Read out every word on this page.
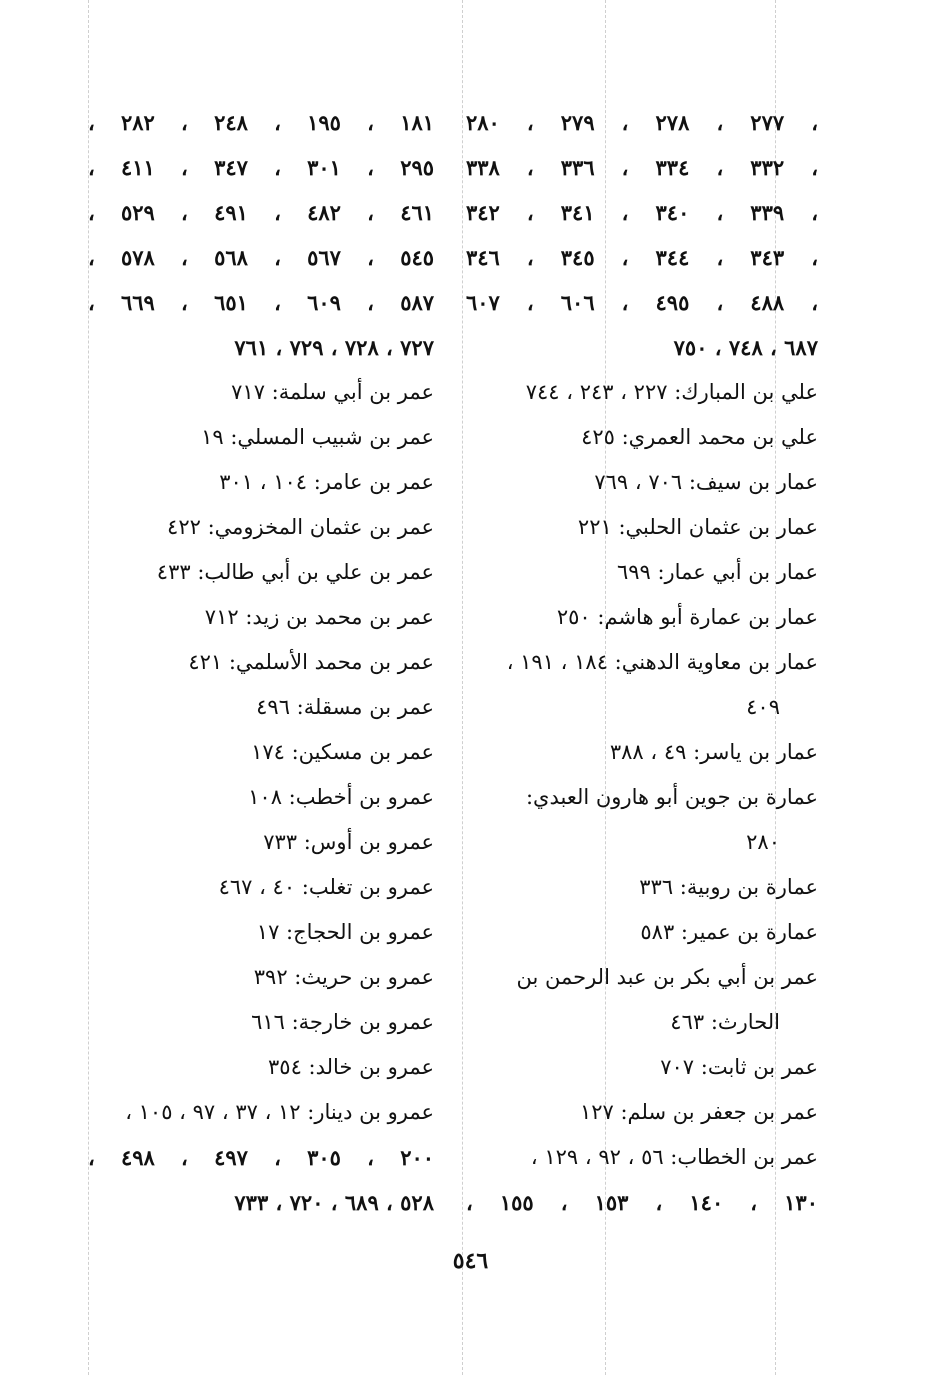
، ٢٧٧ ، ٢٧٨ ، ٢٧٩ ، ٢٨٠
، ٣٣٢ ، ٣٣٤ ، ٣٣٦ ، ٣٣٨
، ٣٣٩ ، ٣٤٠ ، ٣٤١ ، ٣٤٢
، ٣٤٣ ، ٣٤٤ ، ٣٤٥ ، ٣٤٦
، ٤٨٨ ، ٤٩٥ ، ٦٠٦ ، ٦٠٧
٦٨٧ ، ٧٤٨ ، ٧٥٠
علي بن المبارك: ٢٢٧ ، ٢٤٣ ، ٧٤٤
علي بن محمد العمري: ٤٢٥
عمار بن سيف: ٧٠٦ ، ٧٦٩
عمار بن عثمان الحلبي: ٢٢١
عمار بن أبي عمار: ٦٩٩
عمار بن عمارة أبو هاشم: ٢٥٠
عمار بن معاوية الدهني: ١٨٤ ، ١٩١ ،
٤٠٩
عمار بن ياسر: ٤٩ ، ٣٨٨
عمارة بن جوين أبو هارون العبدي:
٢٨٠
عمارة بن روبية: ٣٣٦
عمارة بن عمير: ٥٨٣
عمر بن أبي بكر بن عبد الرحمن بن
الحارث: ٤٦٣
عمر بن ثابت: ٧٠٧
عمر بن جعفر بن سلم: ١٢٧
عمر بن الخطاب: ٥٦ ، ٩٢ ، ١٢٩ ،
١٣٠ ، ١٤٠ ، ١٥٣ ، ١٥٥ ،
١٨١ ، ١٩٥ ، ٢٤٨ ، ٢٨٢ ،
٢٩٥ ، ٣٠١ ، ٣٤٧ ، ٤١١ ،
٤٦١ ، ٤٨٢ ، ٤٩١ ، ٥٢٩ ،
٥٤٥ ، ٥٦٧ ، ٥٦٨ ، ٥٧٨ ،
٥٨٧ ، ٦٠٩ ، ٦٥١ ، ٦٦٩ ،
٧٢٧ ، ٧٢٨ ، ٧٢٩ ، ٧٦١
عمر بن أبي سلمة: ٧١٧
عمر بن شبيب المسلي: ١٩
عمر بن عامر: ١٠٤ ، ٣٠١
عمر بن عثمان المخزومي: ٤٢٢
عمر بن علي بن أبي طالب: ٤٣٣
عمر بن محمد بن زيد: ٧١٢
عمر بن محمد الأسلمي: ٤٢١
عمر بن مسقلة: ٤٩٦
عمر بن مسكين: ١٧٤
عمرو بن أخطب: ١٠٨
عمرو بن أوس: ٧٣٣
عمرو بن تغلب: ٤٠ ، ٤٦٧
عمرو بن الحجاج: ١٧
عمرو بن حريث: ٣٩٢
عمرو بن خارجة: ٦١٦
عمرو بن خالد: ٣٥٤
عمرو بن دينار: ١٢ ، ٣٧ ، ٩٧ ، ١٠٥ ،
٢٠٠ ، ٣٠٥ ، ٤٩٧ ، ٤٩٨ ،
٥٢٨ ، ٦٨٩ ، ٧٢٠ ، ٧٣٣
٥٤٦
